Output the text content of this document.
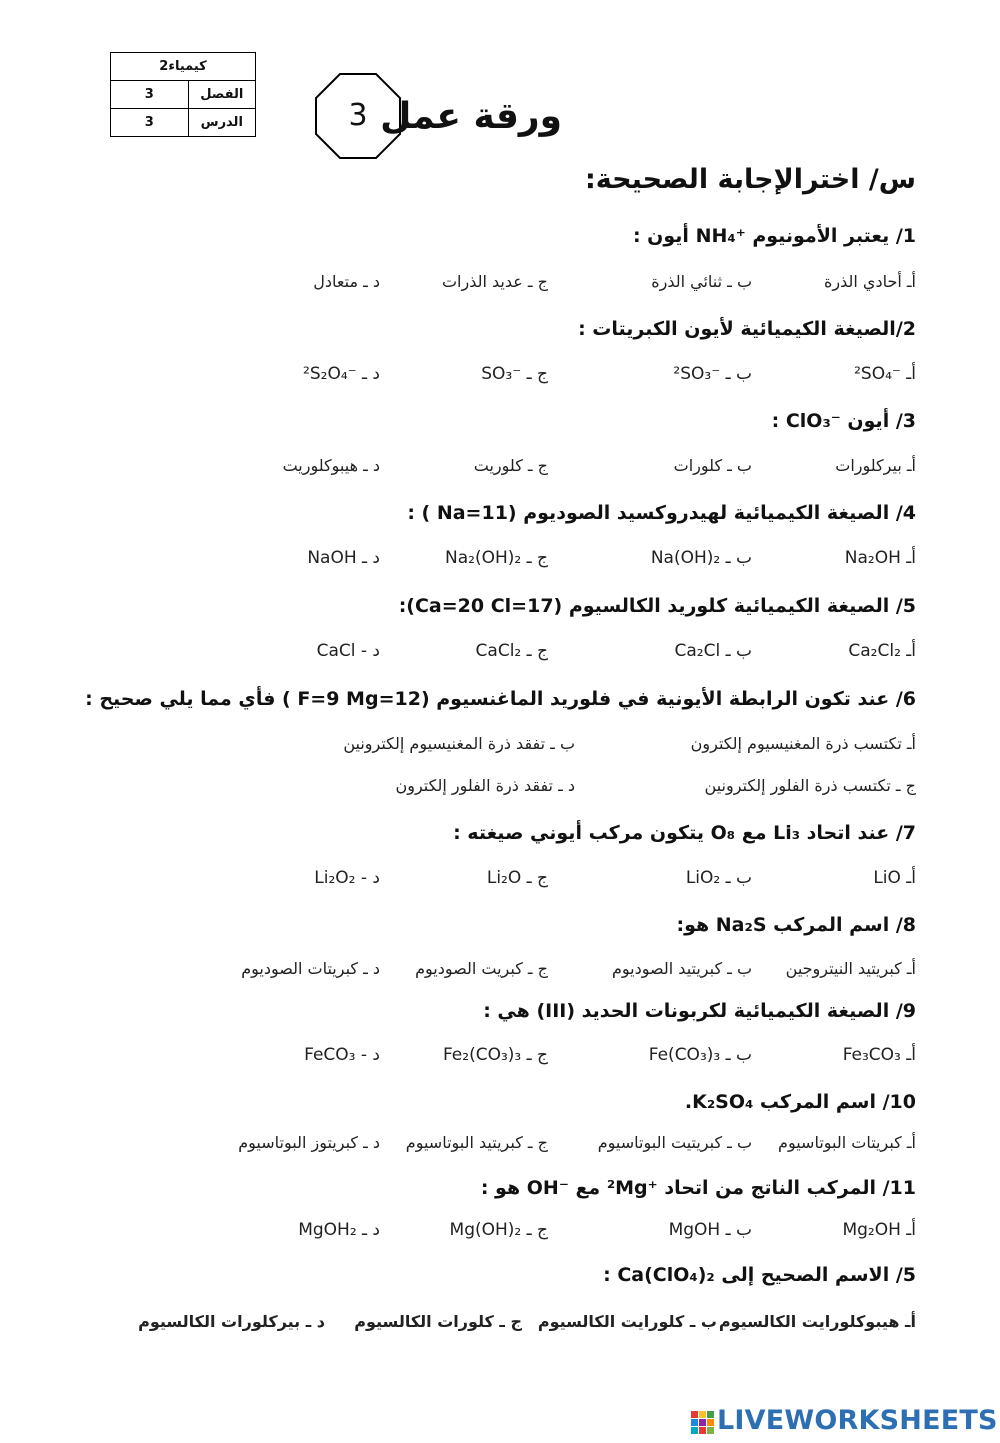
2كيمياء	
3	الفصل
3	الدرس	3 ورقة عمل
س/ اخترالإجابة الصحيحة:
1/ يعتبر الأمونيوم ⁺NH₄ أيون :
أـ أحادي الذرة
ب ـ ثنائي الذرة
ج ـ عديد الذرات
د ـ متعادل
2/الصيغة الكيميائية لأيون الكبريتات :
أـ ⁻²SO₄
ب ـ ⁻²SO₃
ج ـ ⁻SO₃
د ـ ⁻²S₂O₄
3/ أيون ⁻ClO₃ :
أـ بيركلورات
ب ـ كلورات
ج ـ كلوريت
د ـ هيبوكلوريت
4/ الصيغة الكيميائية لهيدروكسيد الصوديوم (Na=11 ) :
أـ Na₂OH
ب ـ Na(OH)₂
ج ـ Na₂(OH)₂
د ـ NaOH
5/ الصيغة الكيميائية كلوريد الكالسيوم (Ca=20 Cl=17):
أـ Ca₂Cl₂
ب ـ Ca₂Cl
ج ـ CaCl₂
د - CaCl
6/ عند تكون الرابطة الأيونية في فلوريد الماغنسيوم (F=9 Mg=12 ) فأي مما يلي صحيح :
أـ تكتسب ذرة المغنيسيوم إلكترون
ب ـ تفقد ذرة المغنيسيوم إلكترونين
ج ـ تكتسب ذرة الفلور إلكترونين
د ـ تفقد ذرة الفلور إلكترون
7/ عند اتحاد Li₃ مع O₈ يتكون مركب أيوني صيغته :
أـ LiO
ب ـ LiO₂
ج ـ Li₂O
د - Li₂O₂
8/ اسم المركب Na₂S هو:
أـ كبريتيد النيتروجين
ب ـ كبريتيد الصوديوم
ج ـ كبريت الصوديوم
د ـ كبريتات الصوديوم
9/ الصيغة الكيميائية لكربونات الحديد (III) هي :
أـ Fe₃CO₃
ب ـ Fe(CO₃)₃
ج ـ Fe₂(CO₃)₃
د - FeCO₃
10/ اسم المركب K₂SO₄.
أـ كبريتات البوتاسيوم
ب ـ كبريتيت البوتاسيوم
ج ـ كبريتيد البوتاسيوم
د ـ كبريتوز البوتاسيوم
11/ المركب الناتج من اتحاد ⁺²Mg مع ⁻OH هو :
أـ Mg₂OH
ب ـ MgOH
ج ـ Mg(OH)₂
د ـ MgOH₂
5/ الاسم الصحيح إلى Ca(ClO₄)₂ :
أـ هيبوكلورايت الكالسيوم
ب ـ كلورايت الكالسيوم
ج ـ كلورات الكالسيوم
د ـ بيركلورات الكالسيوم
LIVEWORKSHEETS
